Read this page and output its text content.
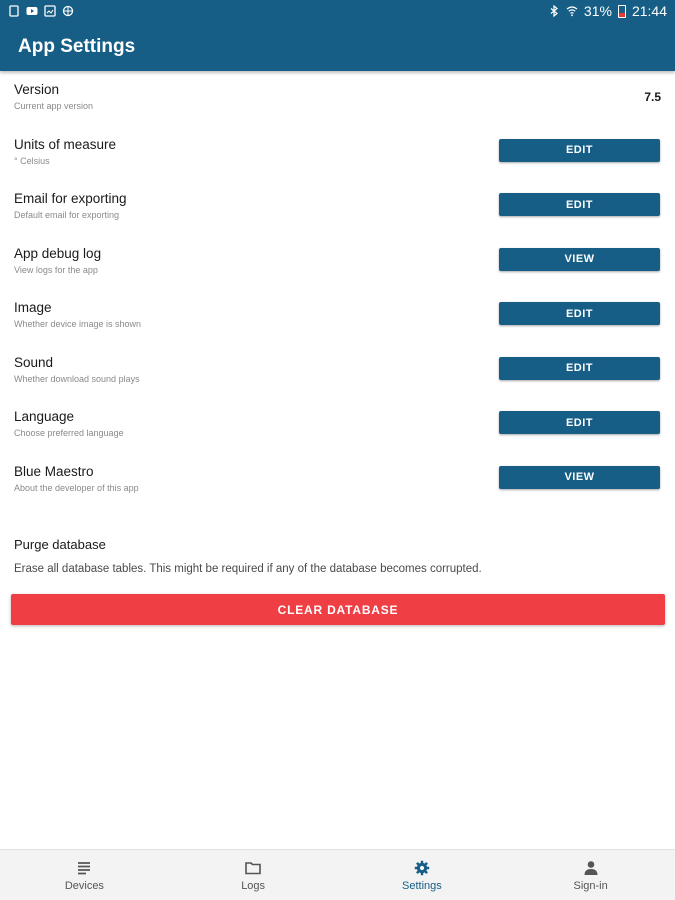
31% 21:44
App Settings
Version
Current app version
7.5
Units of measure
° Celsius
EDIT
Email for exporting
Default email for exporting
EDIT
App debug log
View logs for the app
VIEW
Image
Whether device image is shown
EDIT
Sound
Whether download sound plays
EDIT
Language
Choose preferred language
EDIT
Blue Maestro
About the developer of this app
VIEW
Purge database
Erase all database tables. This might be required if any of the database becomes corrupted.
CLEAR DATABASE
Devices	Logs	Settings	Sign-in
